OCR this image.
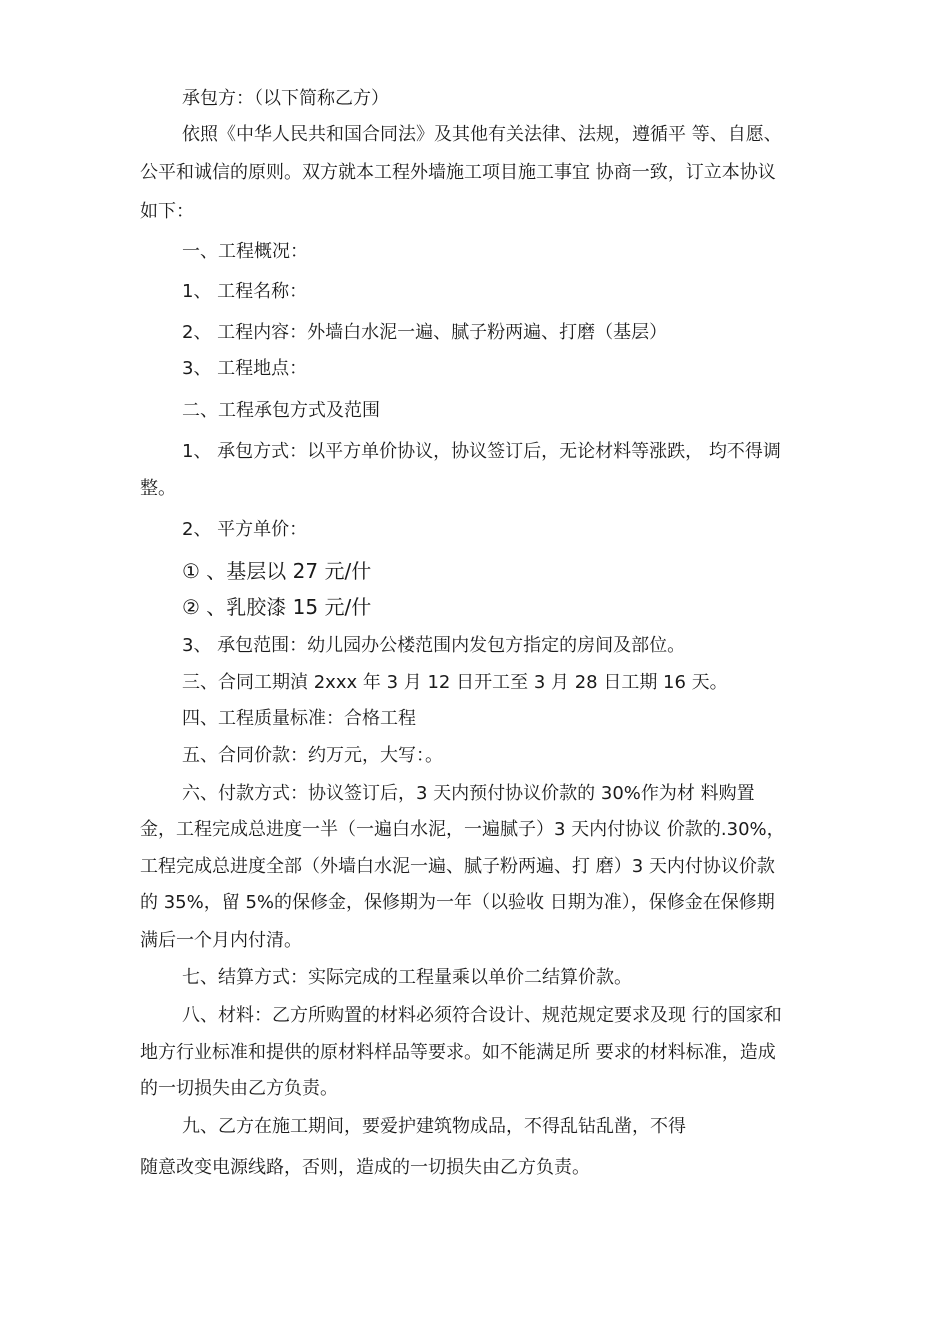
承包方：（以下简称乙方）
依照《中华人民共和国合同法》及其他有关法律、法规，遵循平 等、自愿、
公平和诚信的原则。双方就本工程外墙施工项目施工事宜 协商一致，订立本协议
如下：
一、工程概况：
1、 工程名称：
2、 工程内容：外墙白水泥一遍、腻子粉两遍、打磨（基层）
3、 工程地点：
二、工程承包方式及范围
1、 承包方式：以平方单价协议，协议签订后，无论材料等涨跌， 均不得调
整。
2、 平方单价：
① 、基层以 27 元/什
② 、乳胶漆 15 元/什
3、 承包范围：幼儿园办公楼范围内发包方指定的房间及部位。
三、合同工期湞 2xxx 年 3 月 12 日开工至 3 月 28 日工期 16 天。
四、工程质量标准：合格工程
五、合同价款：约万元，大写：。
六、付款方式：协议签订后，3 天内预付协议价款的 30%作为材 料购置
金，工程完成总进度一半（一遍白水泥，一遍腻子）3 天内付协议 价款的.30%，
工程完成总进度全部（外墙白水泥一遍、腻子粉两遍、打 磨）3 天内付协议价款
的 35%，留 5%的保修金，保修期为一年（以验收 日期为准），保修金在保修期
满后一个月内付清。
七、结算方式：实际完成的工程量乘以单价二结算价款。
八、材料：乙方所购置的材料必须符合设计、规范规定要求及现 行的国家和
地方行业标准和提供的原材料样品等要求。如不能满足所 要求的材料标准，造成
的一切损失由乙方负责。
九、乙方在施工期间，要爱护建筑物成品，不得乱钻乱凿，不得
随意改变电源线路，否则，造成的一切损失由乙方负责。
